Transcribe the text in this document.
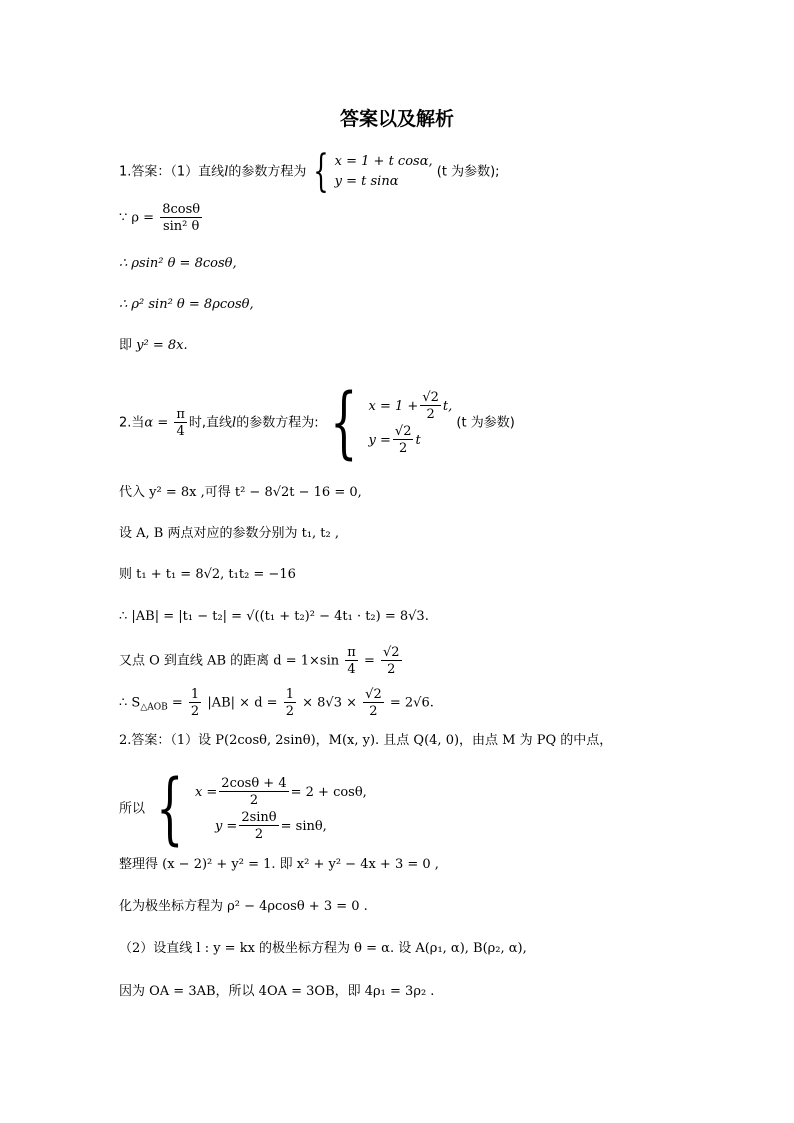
答案以及解析
1.答案：（1）直线l的参数方程为 { x = 1 + t cosα,
y = t sinα
(t 为参数);
∵ $\rho = \frac{8\cos\theta}{\text{sin² θ}}$
∴ ρsin² θ = 8cosθ,
∴ ρ² sin² θ = 8ρcosθ,
即 y² = 8x.
2.当$\alpha = \frac{\pi}{4}$ 时,直线l的参数方程为: { $x = 1 + \frac{√2}{2} t$,
$y = \frac{√2}{2}$ t
(t 为参数)
代入 y² = 8x ,可得 t² − 8√2t − 16 = 0,
设 A, B 两点对应的参数分别为 t₁, t₂ ,
则 t₁ + t₁ = 8√2, t₁t₂ = −16
∴ |AB| = |t₁ − t₂| = √((t₁ + t₂)² − 4t₁ · t₂) = 8√3.
又点 O 到直线 AB 的距离 $d = 1\times\sin \frac{\pi}{4} = \frac{√2}{2}$
∴ $S_{\triangle AOB} = \frac{1}{2} |AB| \times d = \frac{1}{2} \times 8√3 \times \frac{√2}{2} = 2√6$.
2.答案：（1）设 P(2cosθ, 2sinθ)，M(x, y). 且点 Q(4, 0)，由点 M 为 PQ 的中点，
所以 { $x = \frac{2\cos\theta + 4}{2} = 2 + \cos\theta$,
$y = \frac{2\sin\theta}{2} = \sin\theta$,
整理得 (x − 2)² + y² = 1. 即 x² + y² − 4x + 3 = 0 ,
化为极坐标方程为 ρ² − 4ρcosθ + 3 = 0 .
（2）设直线 l : y = kx 的极坐标方程为 θ = α. 设 A(ρ₁, α), B(ρ₂, α),
因为 OA = 3AB，所以 4OA = 3OB，即 4ρ₁ = 3ρ₂ .
